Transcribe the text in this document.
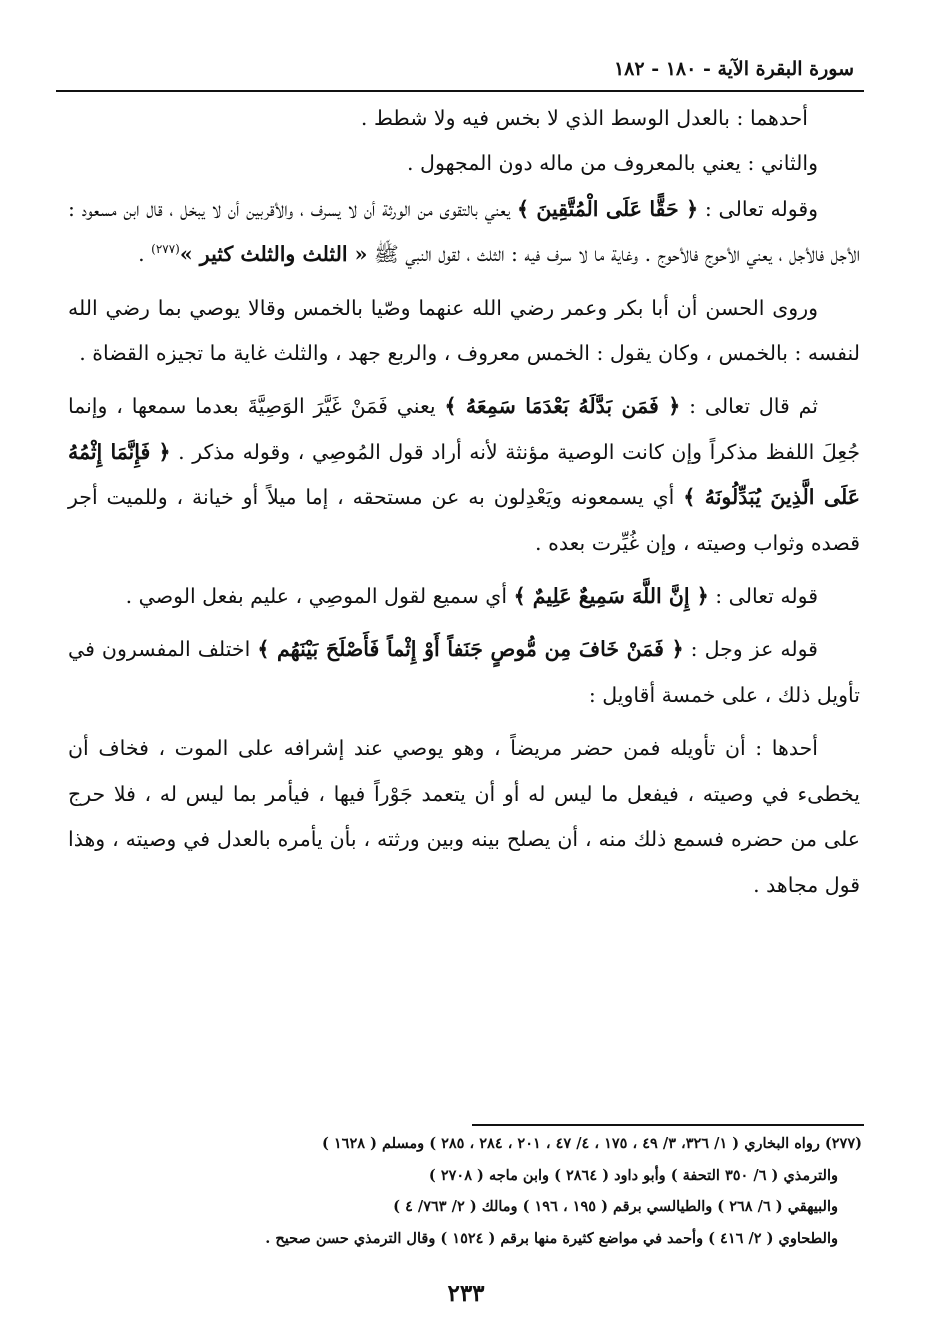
سورة البقرة الآية - ١٨٠ - ١٨٢

أحدهما : بالعدل الوسط الذي لا بخس فيه ولا شطط .

والثاني : يعني بالمعروف من ماله دون المجهول .

وقوله تعالى : ﴿ حَقًّا عَلَى الْمُتَّقِينَ ﴾ يعني بالتقوى من الورثة أن لا يسرف ، والأقربين أن لا يبخل ، قال ابن مسعود : الأجل فالأجل ، يعني الأحوج فالأحوج . وغاية ما لا سرف فيه : الثلث ، لقول النبي ﷺ « الثلث والثلث كثير »$^{(٢٧٧)}$ .

وروى الحسن أن أبا بكر وعمر رضي الله عنهما وصّيا بالخمس وقالا يوصي بما رضي الله لنفسه : بالخمس ، وكان يقول : الخمس معروف ، والربع جهد ، والثلث غاية ما تجيزه القضاة .

ثم قال تعالى : ﴿ فَمَن بَدَّلَهُ بَعْدَمَا سَمِعَهُ ﴾ يعني فَمَنْ غَيَّرَ الوَصِيَّةَ بعدما سمعها ، وإنما جُعِلَ اللفظ مذكراً وإن كانت الوصية مؤنثة لأنه أراد قول المُوصِي ، وقوله مذكر . ﴿ فَإِنَّمَا إِثْمُهُ عَلَى الَّذِينَ يُبَدِّلُونَهُ ﴾ أي يسمعونه ويَعْدِلون به عن مستحقه ، إما ميلاً أو خيانة ، وللميت أجر قصده وثواب وصيته ، وإن غُيِّرت بعده .

قوله تعالى : ﴿ إِنَّ اللَّهَ سَمِيعٌ عَلِيمٌ ﴾ أي سميع لقول الموصِي ، عليم بفعل الوصي .

قوله عز وجل : ﴿ فَمَنْ خَافَ مِن مُّوصٍ جَنَفاً أَوْ إِثْماً فَأَصْلَحَ بَيْنَهُم ﴾ اختلف المفسرون في تأويل ذلك ، على خمسة أقاويل :

أحدها : أن تأويله فمن حضر مريضاً ، وهو يوصي عند إشرافه على الموت ، فخاف أن يخطىء في وصيته ، فيفعل ما ليس له أو أن يتعمد جَوْراً فيها ، فيأمر بما ليس له ، فلا حرج على من حضره فسمع ذلك منه ، أن يصلح بينه وبين ورثته ، بأن يأمره بالعدل في وصيته ، وهذا قول مجاهد .

(٢٧٧) رواه البخاري ( ١/ ٣٢٦، ٣/ ٤٩ ، ١٧٥ ، ٤/ ٤٧ ، ٢٠١ ، ٢٨٤ ، ٢٨٥ ) ومسلم ( ١٦٢٨ )

والترمذي ( ٦/ ٣٥٠ التحفة ) وأبو داود ( ٢٨٦٤ ) وابن ماجه ( ٢٧٠٨ )

والبيهقي ( ٦/ ٢٦٨ ) والطيالسي برقم ( ١٩٥ ، ١٩٦ ) ومالك ( ٢/ ٧٦٣/ ٤ )

والطحاوي ( ٢/ ٤١٦ ) وأحمد في مواضع كثيرة منها برقم ( ١٥٢٤ ) وقال الترمذي حسن صحيح .

٢٣٣
